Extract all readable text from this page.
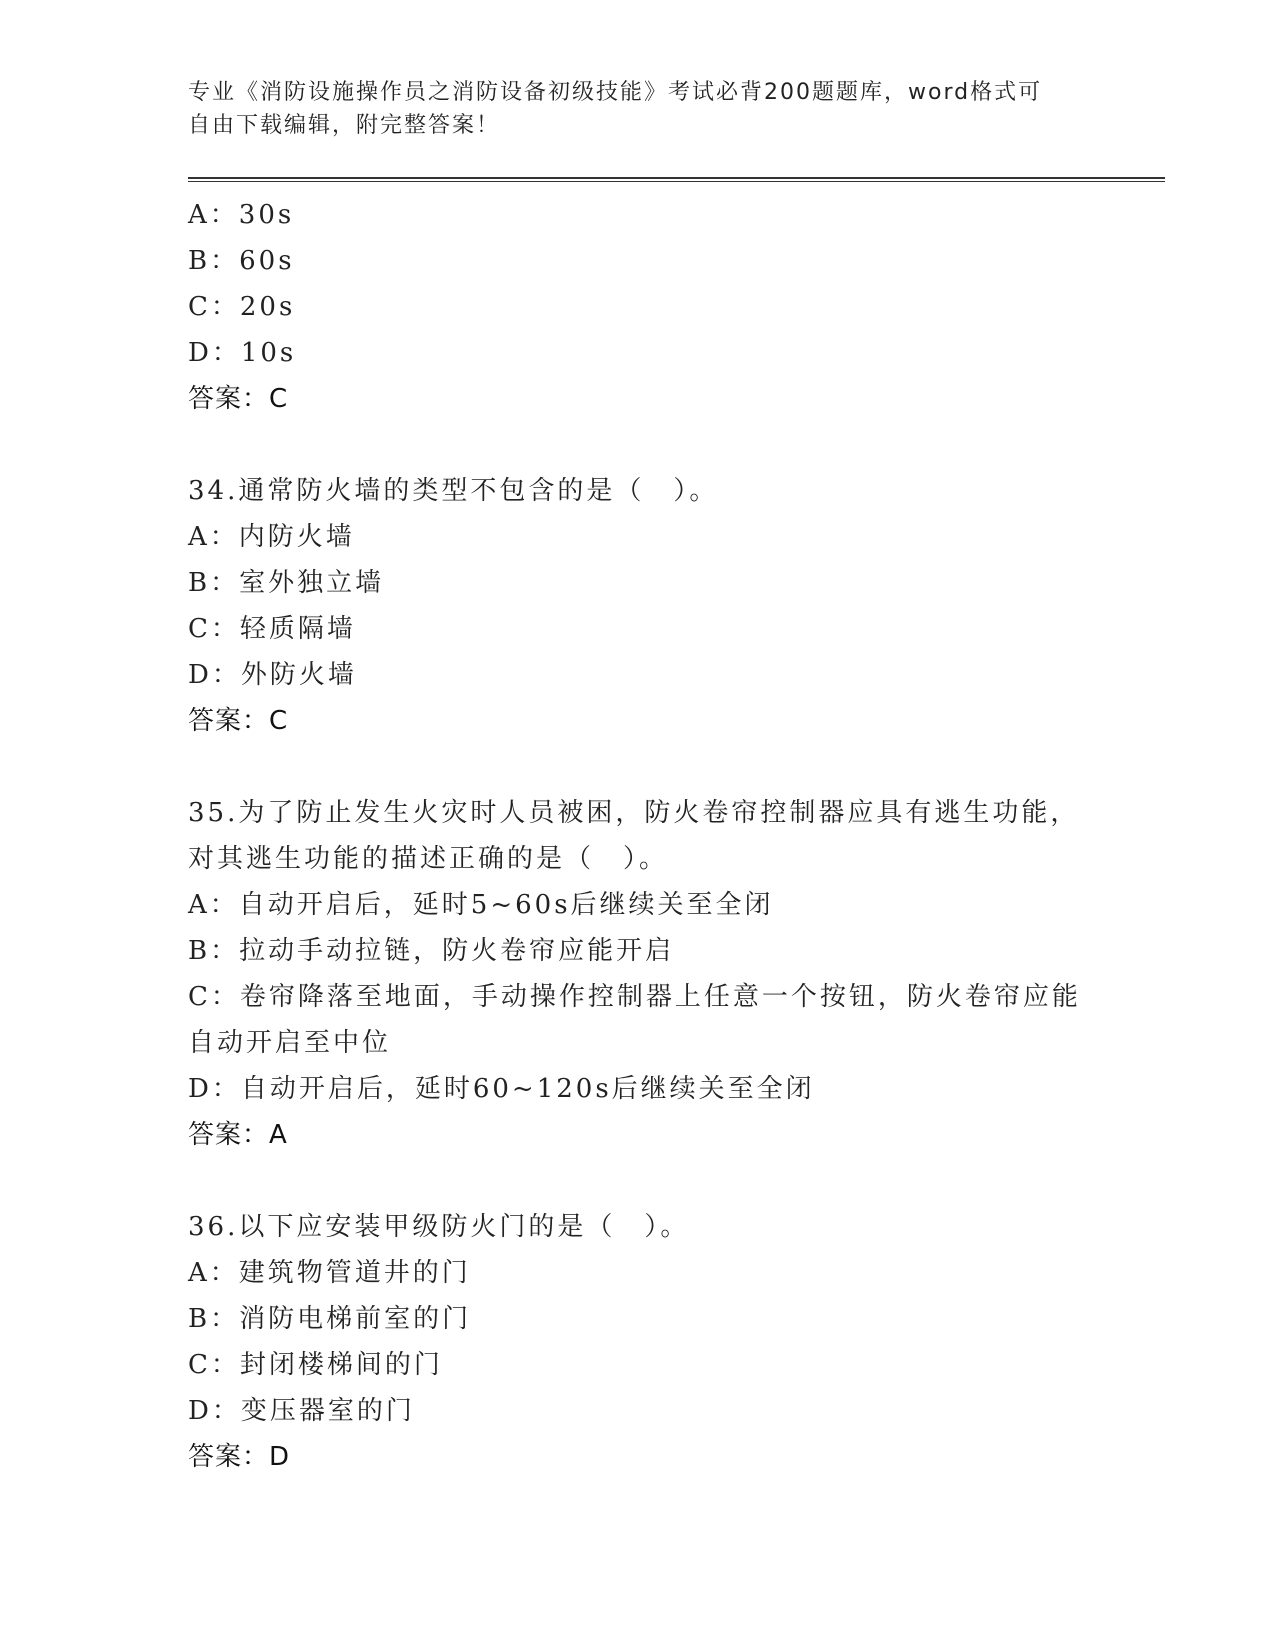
专业《消防设施操作员之消防设备初级技能》考试必背200题题库，word格式可
自由下载编辑，附完整答案！
A：30s
B：60s
C：20s
D：10s
答案：C
34.通常防火墙的类型不包含的是（　）。
A：内防火墙
B：室外独立墙
C：轻质隔墙
D：外防火墙
答案：C
35.为了防止发生火灾时人员被困，防火卷帘控制器应具有逃生功能，
对其逃生功能的描述正确的是（　）。
A：自动开启后，延时5~60s后继续关至全闭
B：拉动手动拉链，防火卷帘应能开启
C：卷帘降落至地面，手动操作控制器上任意一个按钮，防火卷帘应能
自动开启至中位
D：自动开启后，延时60~120s后继续关至全闭
答案：A
36.以下应安装甲级防火门的是（　）。
A：建筑物管道井的门
B：消防电梯前室的门
C：封闭楼梯间的门
D：变压器室的门
答案：D
